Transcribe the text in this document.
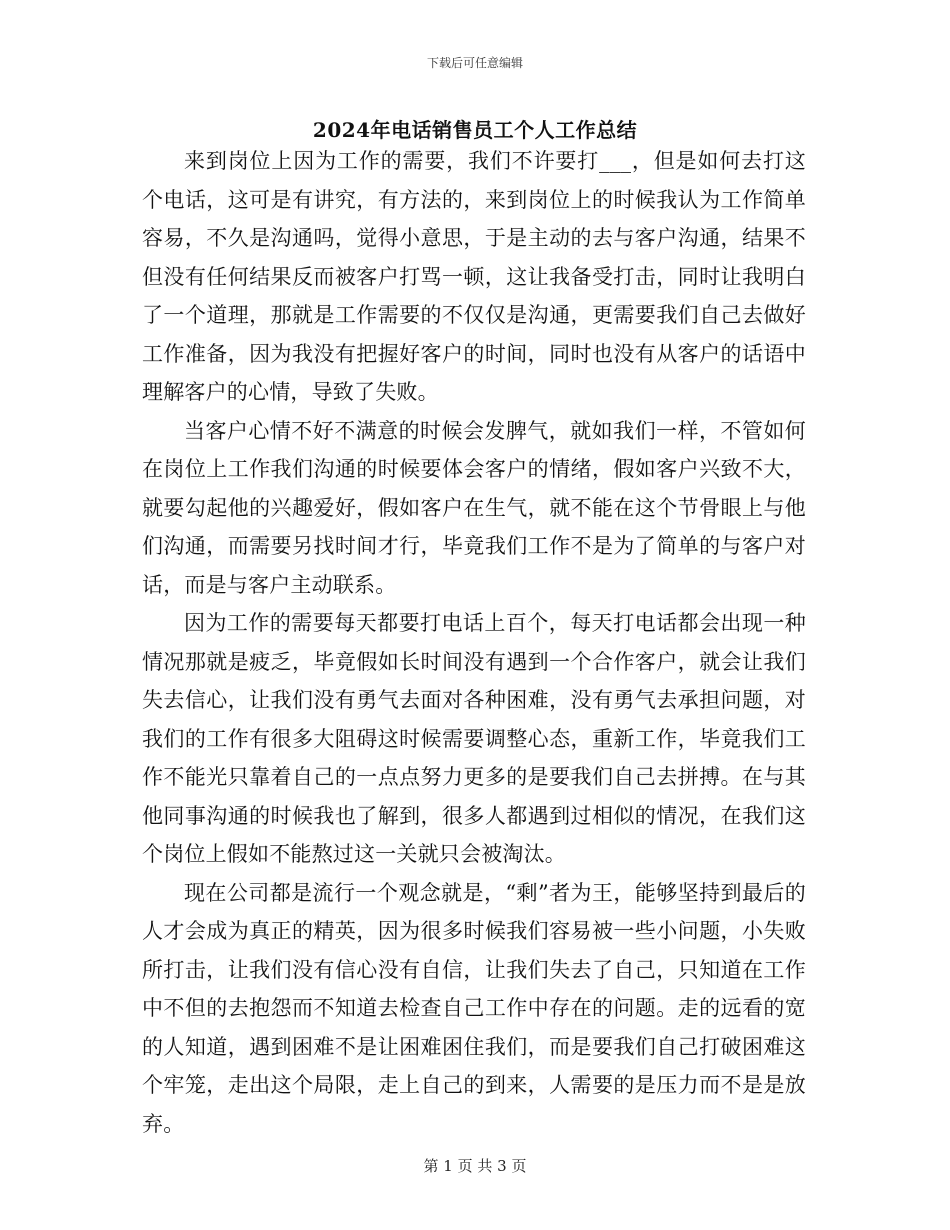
下载后可任意编辑
2024年电话销售员工个人工作总结

来到岗位上因为工作的需要，我们不许要打___，但是如何去打这个电话，这可是有讲究，有方法的，来到岗位上的时候我认为工作简单容易，不久是沟通吗，觉得小意思，于是主动的去与客户沟通，结果不但没有任何结果反而被客户打骂一顿，这让我备受打击，同时让我明白了一个道理，那就是工作需要的不仅仅是沟通，更需要我们自己去做好工作准备，因为我没有把握好客户的时间，同时也没有从客户的话语中理解客户的心情，导致了失败。

当客户心情不好不满意的时候会发脾气，就如我们一样，不管如何在岗位上工作我们沟通的时候要体会客户的情绪，假如客户兴致不大，就要勾起他的兴趣爱好，假如客户在生气，就不能在这个节骨眼上与他们沟通，而需要另找时间才行，毕竟我们工作不是为了简单的与客户对话，而是与客户主动联系。

因为工作的需要每天都要打电话上百个，每天打电话都会出现一种情况那就是疲乏，毕竟假如长时间没有遇到一个合作客户，就会让我们失去信心，让我们没有勇气去面对各种困难，没有勇气去承担问题，对我们的工作有很多大阻碍这时候需要调整心态，重新工作，毕竟我们工作不能光只靠着自己的一点点努力更多的是要我们自己去拼搏。在与其他同事沟通的时候我也了解到，很多人都遇到过相似的情况，在我们这个岗位上假如不能熬过这一关就只会被淘汰。

现在公司都是流行一个观念就是，“剩”者为王，能够坚持到最后的人才会成为真正的精英，因为很多时候我们容易被一些小问题，小失败所打击，让我们没有信心没有自信，让我们失去了自己，只知道在工作中不但的去抱怨而不知道去检查自己工作中存在的问题。走的远看的宽的人知道，遇到困难不是让困难困住我们，而是要我们自己打破困难这个牢笼，走出这个局限，走上自己的到来，人需要的是压力而不是是放弃。

第 1 页 共 3 页
